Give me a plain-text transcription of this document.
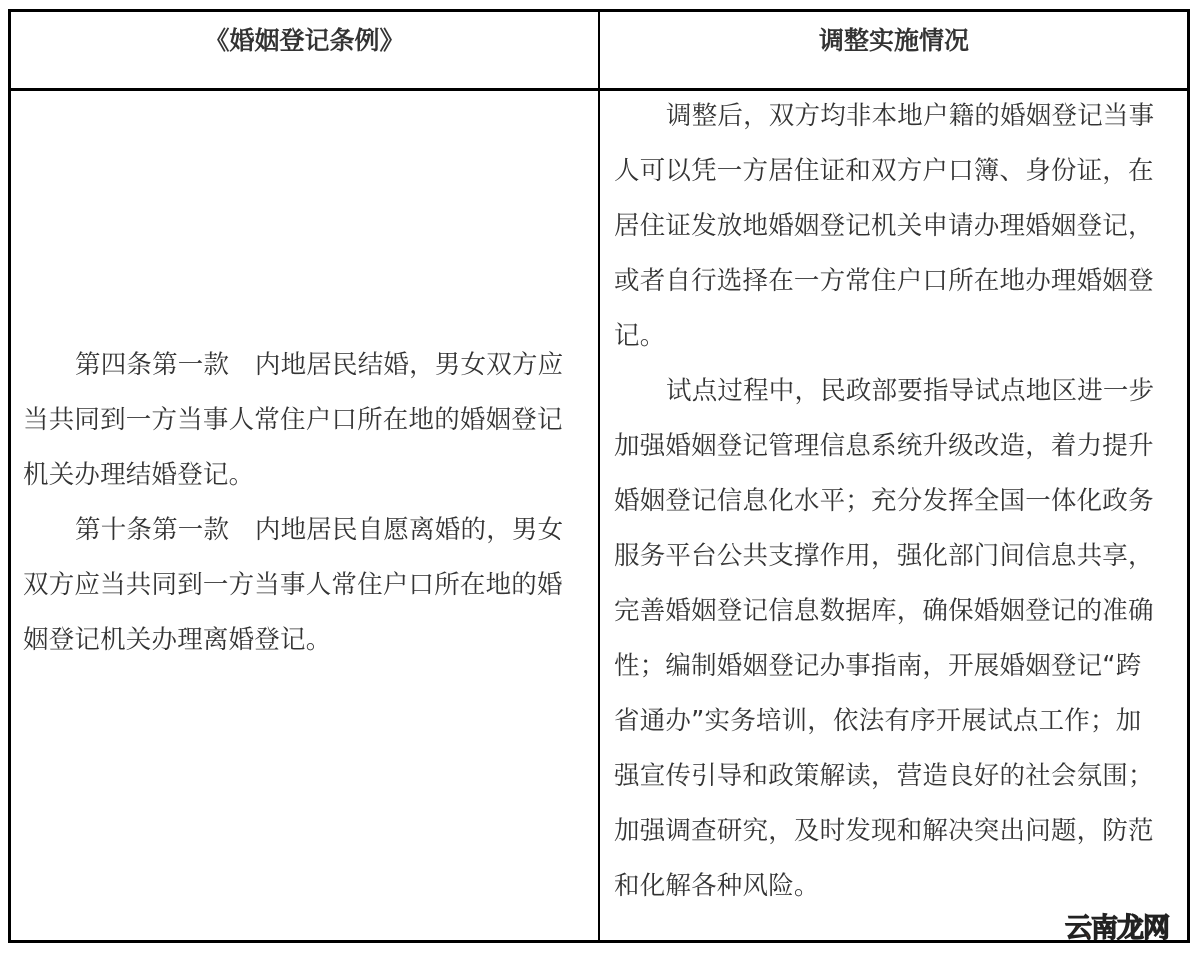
《婚姻登记条例》	调整实施情况
第四条第一款　内地居民结婚，男女双方应
当共同到一方当事人常住户口所在地的婚姻登记
机关办理结婚登记。
第十条第一款　内地居民自愿离婚的，男女
双方应当共同到一方当事人常住户口所在地的婚
姻登记机关办理离婚登记。
调整后，双方均非本地户籍的婚姻登记当事
人可以凭一方居住证和双方户口簿、身份证，在
居住证发放地婚姻登记机关申请办理婚姻登记，
或者自行选择在一方常住户口所在地办理婚姻登
记。
试点过程中，民政部要指导试点地区进一步
加强婚姻登记管理信息系统升级改造，着力提升
婚姻登记信息化水平；充分发挥全国一体化政务
服务平台公共支撑作用，强化部门间信息共享，
完善婚姻登记信息数据库，确保婚姻登记的准确
性；编制婚姻登记办事指南，开展婚姻登记“跨
省通办”实务培训，依法有序开展试点工作；加
强宣传引导和政策解读，营造良好的社会氛围；
加强调查研究，及时发现和解决突出问题，防范
和化解各种风险。
云南龙网
